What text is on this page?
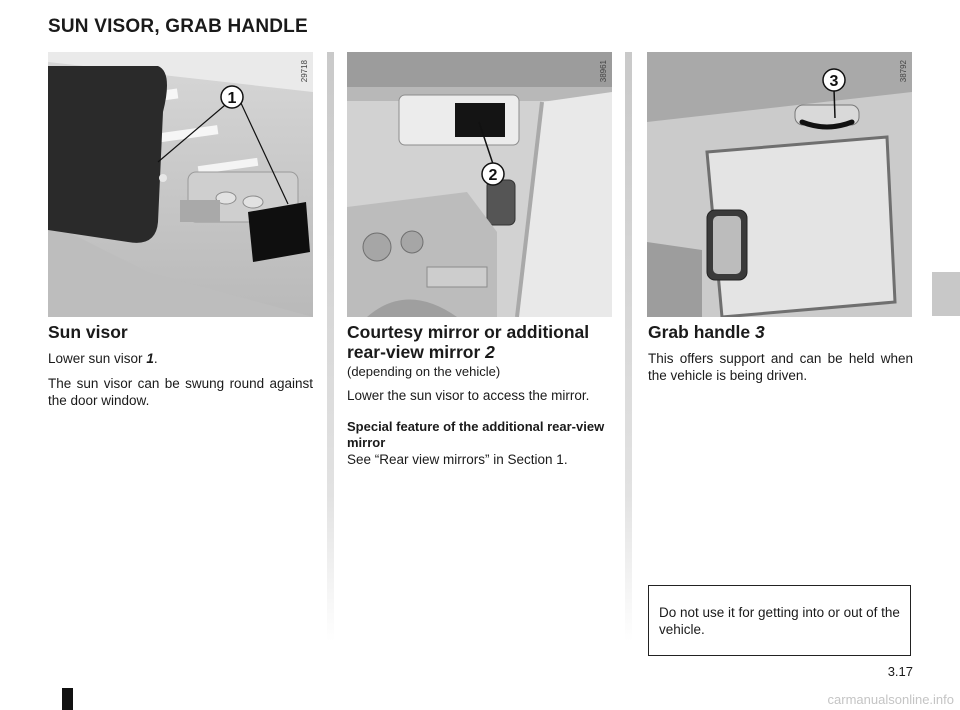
SUN VISOR, GRAB HANDLE
1
29718
2
38961	3	38792
Sun visor

Lower sun visor 1.

The sun visor can be swung round against the door window.

Courtesy mirror or additional rear-view mirror 2
(depending on the vehicle)

Lower the sun visor to access the mirror.

Special feature of the additional rear-view mirror
See “Rear view mirrors” in Section 1.
Grab handle 3

This offers support and can be held when the vehicle is being driven.

Do not use it for getting into or out of the vehicle.
3.17
carmanualsonline.info
